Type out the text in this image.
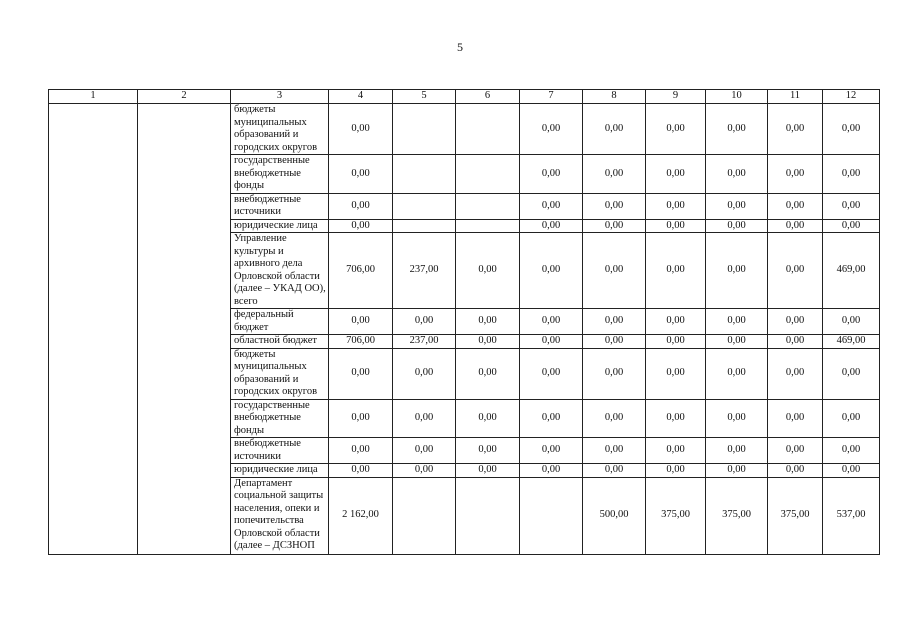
5
1	2	3	4	5	6	7	8	9	10	11	12
		бюджеты муниципальных образований и городских округов	0,00			0,00	0,00	0,00	0,00	0,00	0,00
		государственные внебюджетные фонды	0,00			0,00	0,00	0,00	0,00	0,00	0,00
		внебюджетные источники	0,00			0,00	0,00	0,00	0,00	0,00	0,00
		юридические лица	0,00			0,00	0,00	0,00	0,00	0,00	0,00
		Управление культуры и архивного дела Орловской области (далее – УКАД ОО), всего	706,00	237,00	0,00	0,00	0,00	0,00	0,00	0,00	469,00
		федеральный бюджет	0,00	0,00	0,00	0,00	0,00	0,00	0,00	0,00	0,00
		областной бюджет	706,00	237,00	0,00	0,00	0,00	0,00	0,00	0,00	469,00
		бюджеты муниципальных образований и городских округов	0,00	0,00	0,00	0,00	0,00	0,00	0,00	0,00	0,00
		государственные внебюджетные фонды	0,00	0,00	0,00	0,00	0,00	0,00	0,00	0,00	0,00
		внебюджетные источники	0,00	0,00	0,00	0,00	0,00	0,00	0,00	0,00	0,00
		юридические лица	0,00	0,00	0,00	0,00	0,00	0,00	0,00	0,00	0,00

		Департамент социальной защиты населения, опеки и попечительства Орловской области (далее – ДСЗНОП	2 162,00				500,00	375,00	375,00	375,00	537,00
